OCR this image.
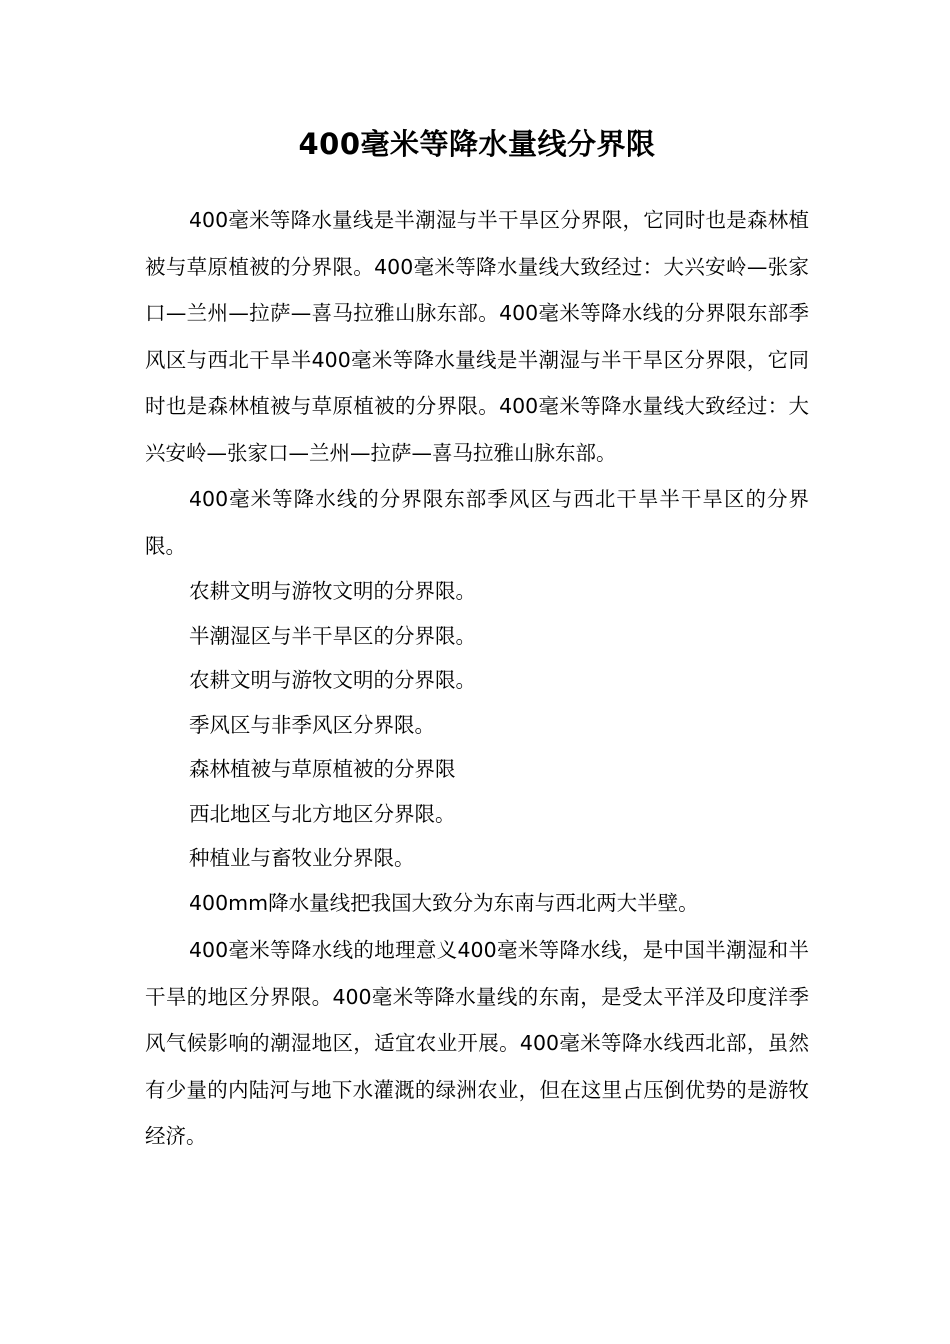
400毫米等降水量线分界限

400毫米等降水量线是半潮湿与半干旱区分界限，它同时也是森林植被与草原植被的分界限。400毫米等降水量线大致经过：大兴安岭—张家口—兰州—拉萨—喜马拉雅山脉东部。400毫米等降水线的分界限东部季风区与西北干旱半400毫米等降水量线是半潮湿与半干旱区分界限，它同时也是森林植被与草原植被的分界限。400毫米等降水量线大致经过：大兴安岭—张家口—兰州—拉萨—喜马拉雅山脉东部。

400毫米等降水线的分界限东部季风区与西北干旱半干旱区的分界限。

农耕文明与游牧文明的分界限。
半潮湿区与半干旱区的分界限。
农耕文明与游牧文明的分界限。
季风区与非季风区分界限。
森林植被与草原植被的分界限
西北地区与北方地区分界限。
种植业与畜牧业分界限。
400mm降水量线把我国大致分为东南与西北两大半壁。

400毫米等降水线的地理意义400毫米等降水线，是中国半潮湿和半干旱的地区分界限。400毫米等降水量线的东南，是受太平洋及印度洋季风气候影响的潮湿地区，适宜农业开展。400毫米等降水线西北部，虽然有少量的内陆河与地下水灌溉的绿洲农业，但在这里占压倒优势的是游牧经济。
